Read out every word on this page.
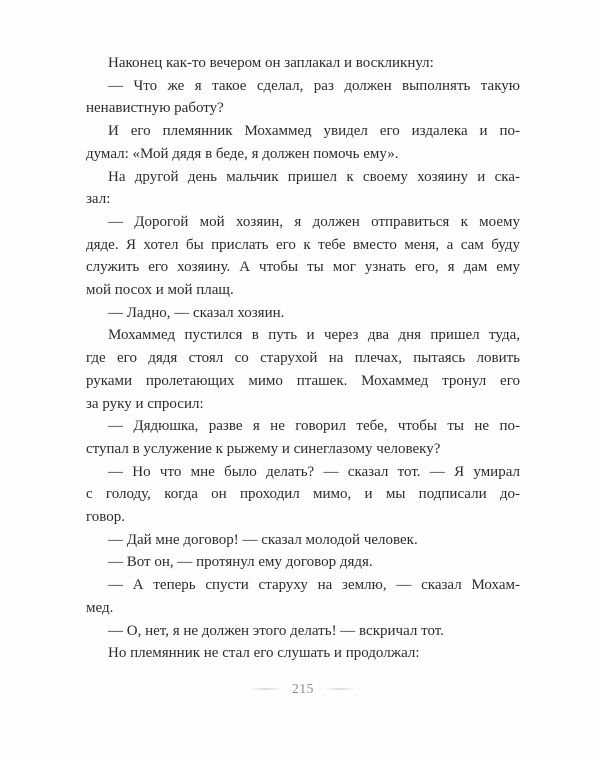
Наконец как-то вечером он заплакал и воскликнул:
— Что же я такое сделал, раз должен выполнять такую
ненавистную работу?
И его племянник Мохаммед увидел его издалека и по-
думал: «Мой дядя в беде, я должен помочь ему».
На другой день мальчик пришел к своему хозяину и ска-
зал:
— Дорогой мой хозяин, я должен отправиться к моему
дяде. Я хотел бы прислать его к тебе вместо меня, а сам буду
служить его хозяину. А чтобы ты мог узнать его, я дам ему
мой посох и мой плащ.
— Ладно, — сказал хозяин.
Мохаммед пустился в путь и через два дня пришел туда,
где его дядя стоял со старухой на плечах, пытаясь ловить
руками пролетающих мимо пташек. Мохаммед тронул его
за руку и спросил:
— Дядюшка, разве я не говорил тебе, чтобы ты не по-
ступал в услужение к рыжему и синеглазому человеку?
— Но что мне было делать? — сказал тот. — Я умирал
с голоду, когда он проходил мимо, и мы подписали до-
говор.
— Дай мне договор! — сказал молодой человек.
— Вот он, — протянул ему договор дядя.
— А теперь спусти старуху на землю, — сказал Мохам-
мед.
— О, нет, я не должен этого делать! — вскричал тот.
Но племянник не стал его слушать и продолжал:
215
